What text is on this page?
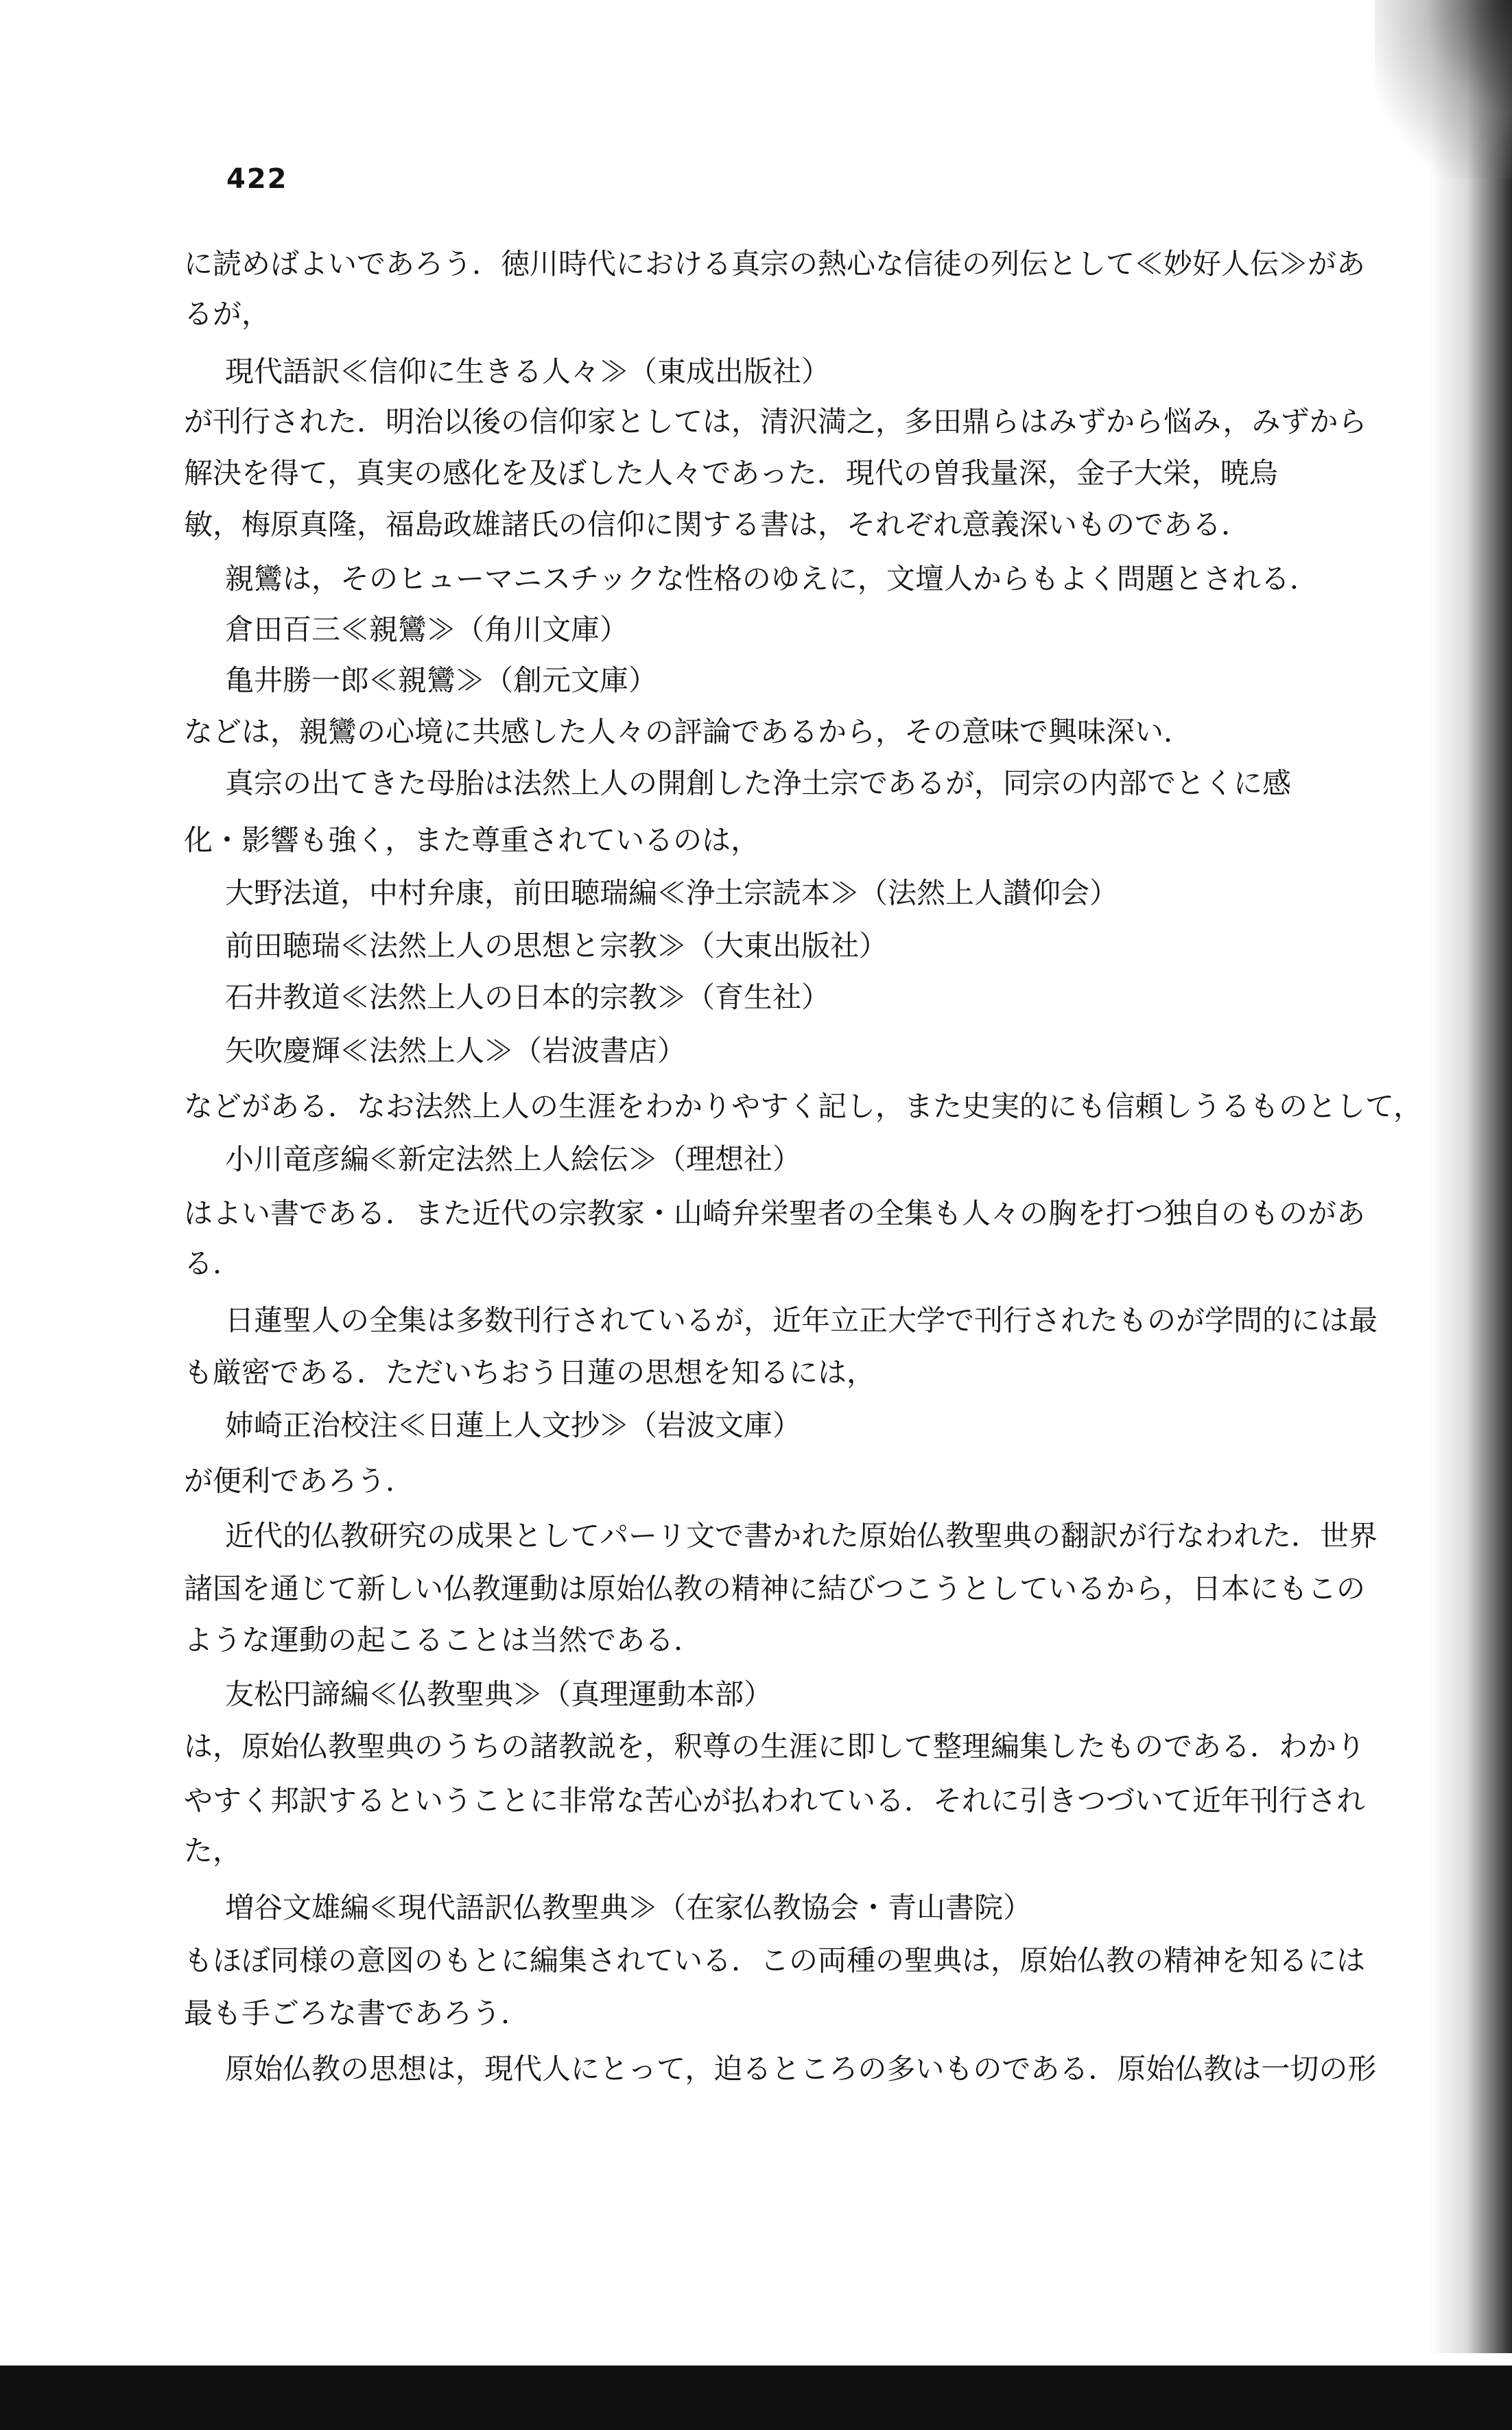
422
に読めばよいであろう．徳川時代における真宗の熱心な信徒の列伝として≪妙好人伝≫があ
るが，
現代語訳≪信仰に生きる人々≫（東成出版社）
が刊行された．明治以後の信仰家としては，清沢満之，多田鼎らはみずから悩み，みずから
解決を得て，真実の感化を及ぼした人々であった．現代の曽我量深，金子大栄，暁烏
敏，梅原真隆，福島政雄諸氏の信仰に関する書は，それぞれ意義深いものである．
親鸞は，そのヒューマニスチックな性格のゆえに，文壇人からもよく問題とされる．
倉田百三≪親鸞≫（角川文庫）
亀井勝一郎≪親鸞≫（創元文庫）
などは，親鸞の心境に共感した人々の評論であるから，その意味で興味深い．
真宗の出てきた母胎は法然上人の開創した浄土宗であるが，同宗の内部でとくに感
化・影響も強く，また尊重されているのは，
大野法道，中村弁康，前田聴瑞編≪浄土宗読本≫（法然上人讃仰会）
前田聴瑞≪法然上人の思想と宗教≫（大東出版社）
石井教道≪法然上人の日本的宗教≫（育生社）
矢吹慶輝≪法然上人≫（岩波書店）
などがある．なお法然上人の生涯をわかりやすく記し，また史実的にも信頼しうるものとして，
小川竜彦編≪新定法然上人絵伝≫（理想社）
はよい書である．また近代の宗教家・山崎弁栄聖者の全集も人々の胸を打つ独自のものがあ
る．
日蓮聖人の全集は多数刊行されているが，近年立正大学で刊行されたものが学問的には最
も厳密である．ただいちおう日蓮の思想を知るには，
姉崎正治校注≪日蓮上人文抄≫（岩波文庫）
が便利であろう．
近代的仏教研究の成果としてパーリ文で書かれた原始仏教聖典の翻訳が行なわれた．世界
諸国を通じて新しい仏教運動は原始仏教の精神に結びつこうとしているから，日本にもこの
ような運動の起こることは当然である．
友松円諦編≪仏教聖典≫（真理運動本部）
は，原始仏教聖典のうちの諸教説を，釈尊の生涯に即して整理編集したものである．わかり
やすく邦訳するということに非常な苦心が払われている．それに引きつづいて近年刊行され
た，
増谷文雄編≪現代語訳仏教聖典≫（在家仏教協会・青山書院）
もほぼ同様の意図のもとに編集されている．この両種の聖典は，原始仏教の精神を知るには
最も手ごろな書であろう．
原始仏教の思想は，現代人にとって，迫るところの多いものである．原始仏教は一切の形
